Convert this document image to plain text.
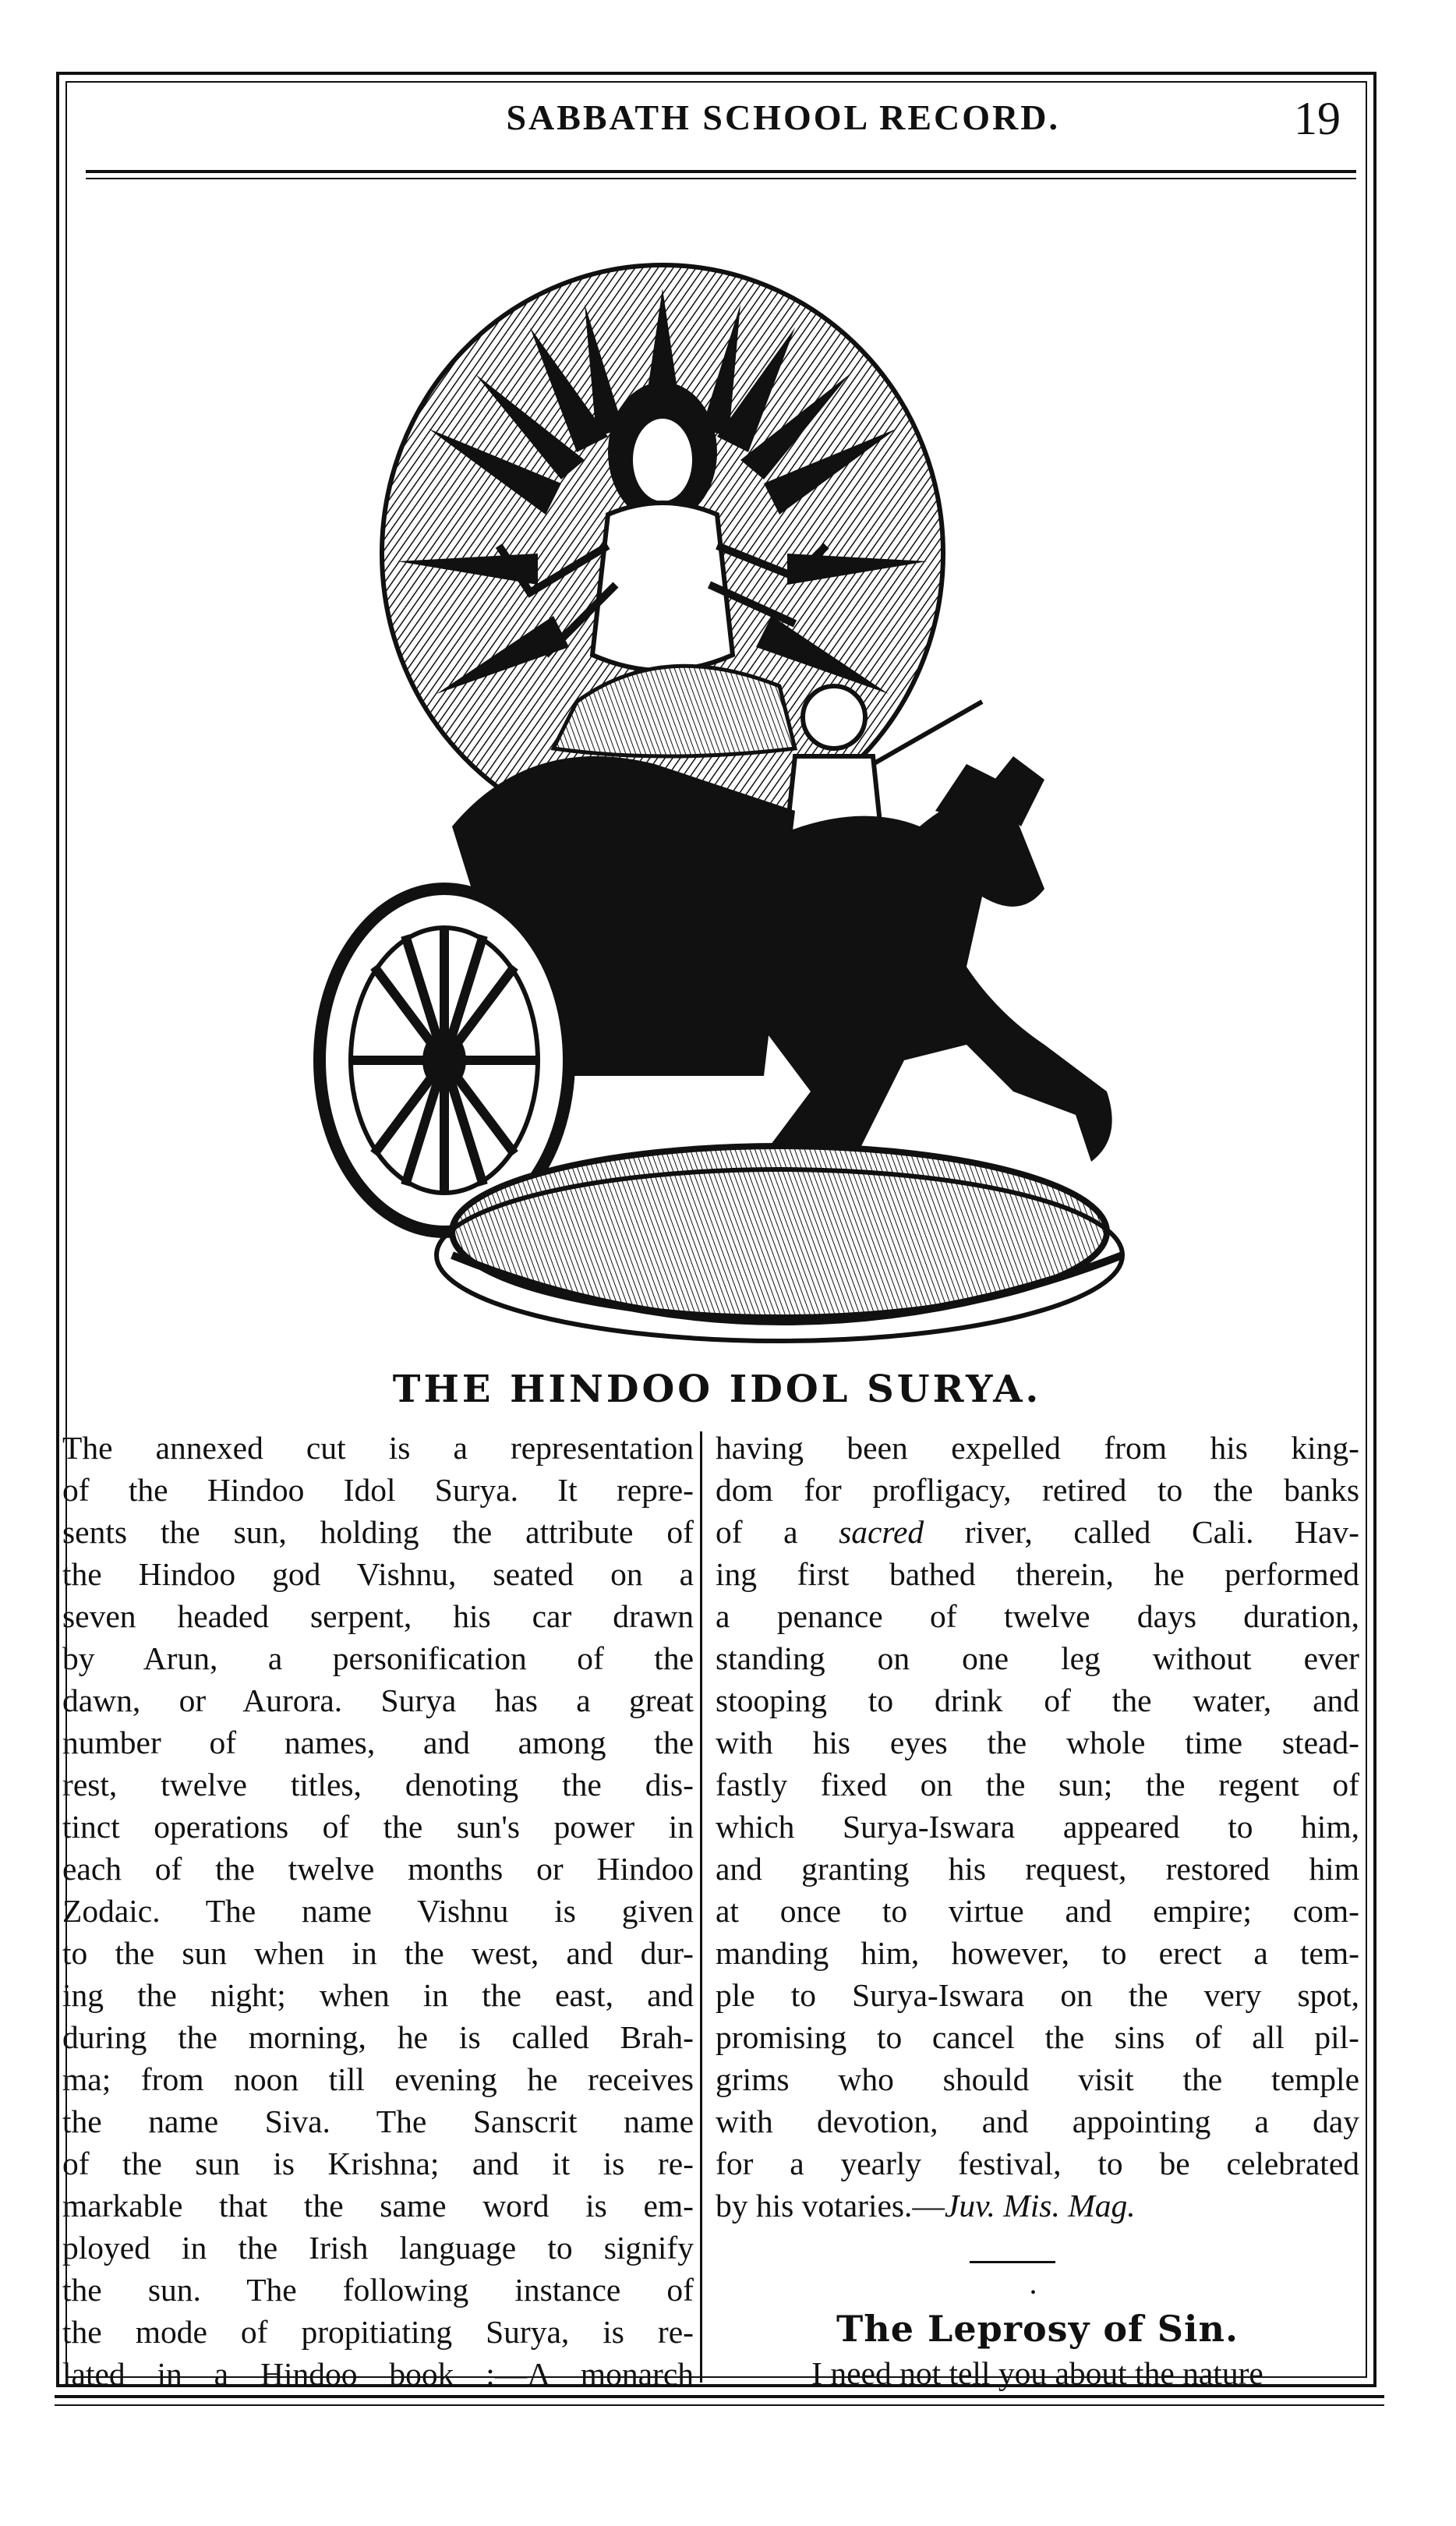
SABBATH SCHOOL RECORD.	19
THE HINDOO IDOL SURYA.
The annexed cut is a representation
of the Hindoo Idol Surya. It repre-
sents the sun, holding the attribute of
the Hindoo god Vishnu, seated on a
seven headed serpent, his car drawn
by Arun, a personification of the
dawn, or Aurora. Surya has a great
number of names, and among the
rest, twelve titles, denoting the dis-
tinct operations of the sun's power in
each of the twelve months or Hindoo
Zodaic. The name Vishnu is given
to the sun when in the west, and dur-
ing the night; when in the east, and
during the morning, he is called Brah-
ma; from noon till evening he receives
the name Siva. The Sanscrit name
of the sun is Krishna; and it is re-
markable that the same word is em-
ployed in the Irish language to signify
the sun. The following instance of
the mode of propitiating Surya, is re-
lated in a Hindoo book :—A monarch
having been expelled from his king-
dom for profligacy, retired to the banks
of a sacred river, called Cali. Hav-
ing first bathed therein, he performed
a penance of twelve days duration,
standing on one leg without ever
stooping to drink of the water, and
with his eyes the whole time stead-
fastly fixed on the sun; the regent of
which Surya-Iswara appeared to him,
and granting his request, restored him
at once to virtue and empire; com-
manding him, however, to erect a tem-
ple to Surya-Iswara on the very spot,
promising to cancel the sins of all pil-
grims who should visit the temple
with devotion, and appointing a day
for a yearly festival, to be celebrated
by his votaries.—Juv. Mis. Mag.
•
The Leprosy of Sin.
I need not tell you about the nature
